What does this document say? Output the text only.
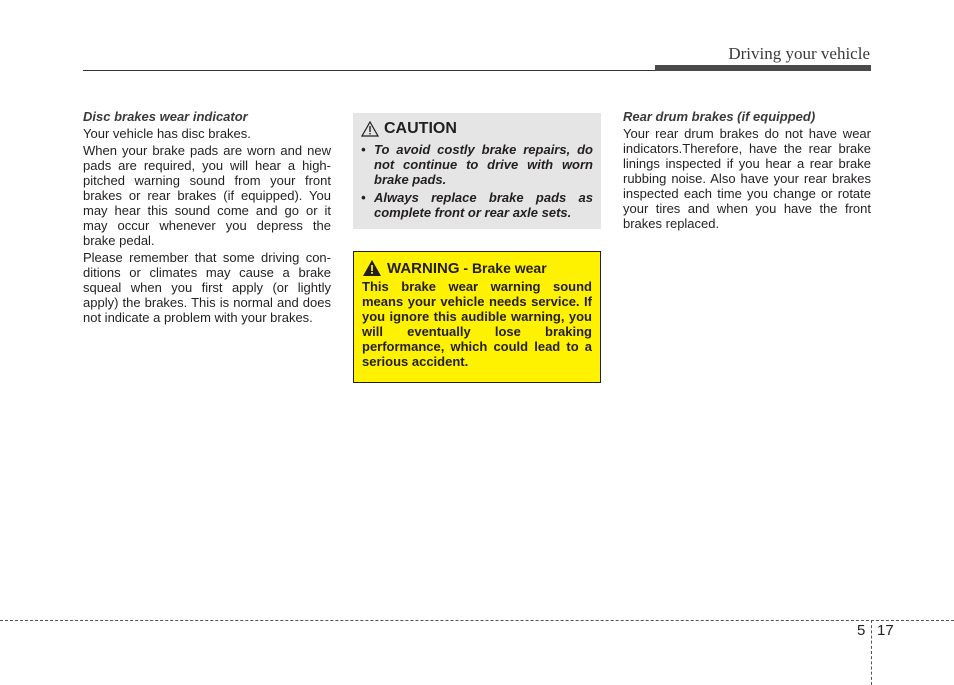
Driving your vehicle

Disc brakes wear indicator

Your vehicle has disc brakes.

When your brake pads are worn and new pads are required, you will hear a high-pitched warning sound from your front brakes or rear brakes (if equipped). You may hear this sound come and go or it may occur whenever you depress the brake pedal.

Please remember that some driving con-ditions or climates may cause a brake squeal when you first apply (or lightly apply) the brakes. This is normal and does not indicate a problem with your brakes.

CAUTION
• To avoid costly brake repairs, do not continue to drive with worn brake pads.
• Always replace brake pads as complete front or rear axle sets.
WARNING
- Brake wear

This brake wear warning sound means your vehicle needs service. If you ignore this audible warning, you will eventually lose braking performance, which could lead to a serious accident.

Rear drum brakes (if equipped)

Your rear drum brakes do not have wear indicators.Therefore, have the rear brake linings inspected if you hear a rear brake rubbing noise. Also have your rear brakes inspected each time you change or rotate your tires and when you have the front brakes replaced.

5 17
